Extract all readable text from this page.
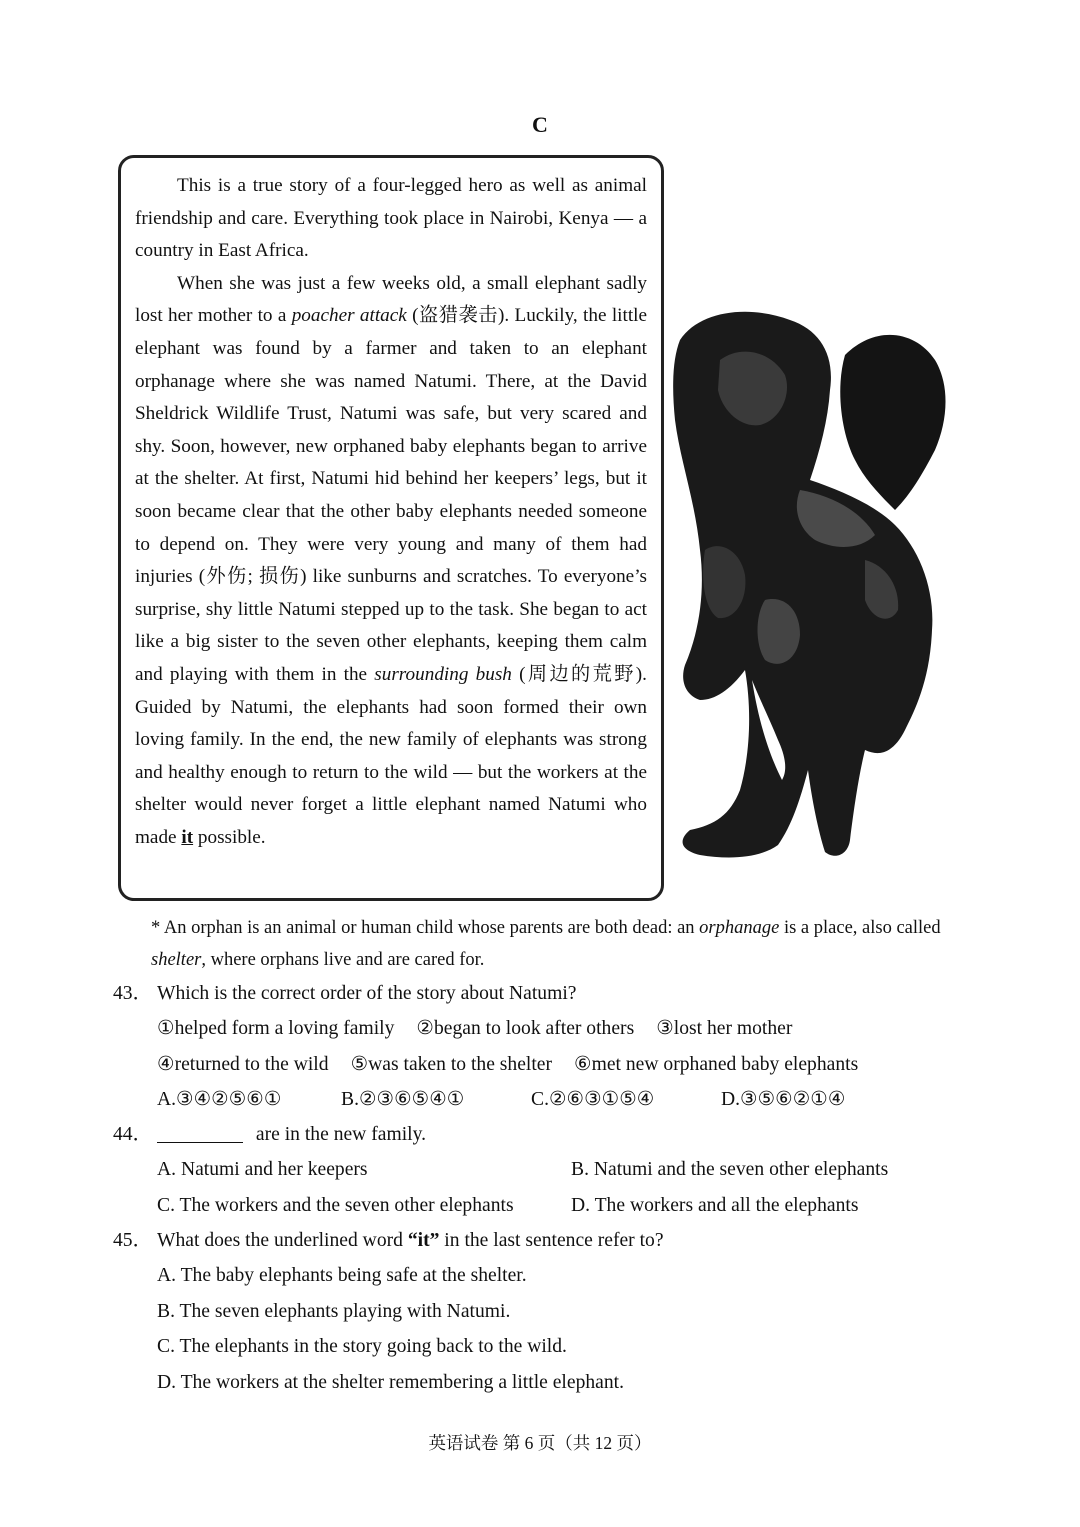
C

This is a true story of a four-legged hero as well as animal friendship and care. Everything took place in Nairobi, Kenya — a country in East Africa.

When she was just a few weeks old, a small elephant sadly lost her mother to a poacher attack (盗猎袭击). Luckily, the little elephant was found by a farmer and taken to an elephant orphanage where she was named Natumi. There, at the David Sheldrick Wildlife Trust, Natumi was safe, but very scared and shy. Soon, however, new orphaned baby elephants began to arrive at the shelter. At first, Natumi hid behind her keepers’ legs, but it soon became clear that the other baby elephants needed someone to depend on. They were very young and many of them had injuries (外伤; 损伤) like sunburns and scratches. To everyone’s surprise, shy little Natumi stepped up to the task. She began to act like a big sister to the seven other elephants, keeping them calm and playing with them in the surrounding bush (周边的荒野). Guided by Natumi, the elephants had soon formed their own loving family. In the end, the new family of elephants was strong and healthy enough to return to the wild — but the workers at the shelter would never forget a little elephant named Natumi who made it possible.

* An orphan is an animal or human child whose parents are both dead: an orphanage is a place, also called shelter, where orphans live and are cared for.
43． Which is the correct order of the story about Natumi?
①helped form a loving family ②began to look after others ③lost her mother
④returned to the wild ⑤was taken to the shelter ⑥met new orphaned baby elephants
A.③④②⑤⑥①	B.②③⑥⑤④①	C.②⑥③①⑤④	D.③⑤⑥②①④
44．	are in the new family.
A. Natumi and her keepers	B. Natumi and the seven other elephants
C. The workers and the seven other elephants	D. The workers and all the elephants
45． What does the underlined word “it” in the last sentence refer to?
A. The baby elephants being safe at the shelter.
B. The seven elephants playing with Natumi.
C. The elephants in the story going back to the wild.
D. The workers at the shelter remembering a little elephant.
英语试卷 第 6 页（共 12 页）
